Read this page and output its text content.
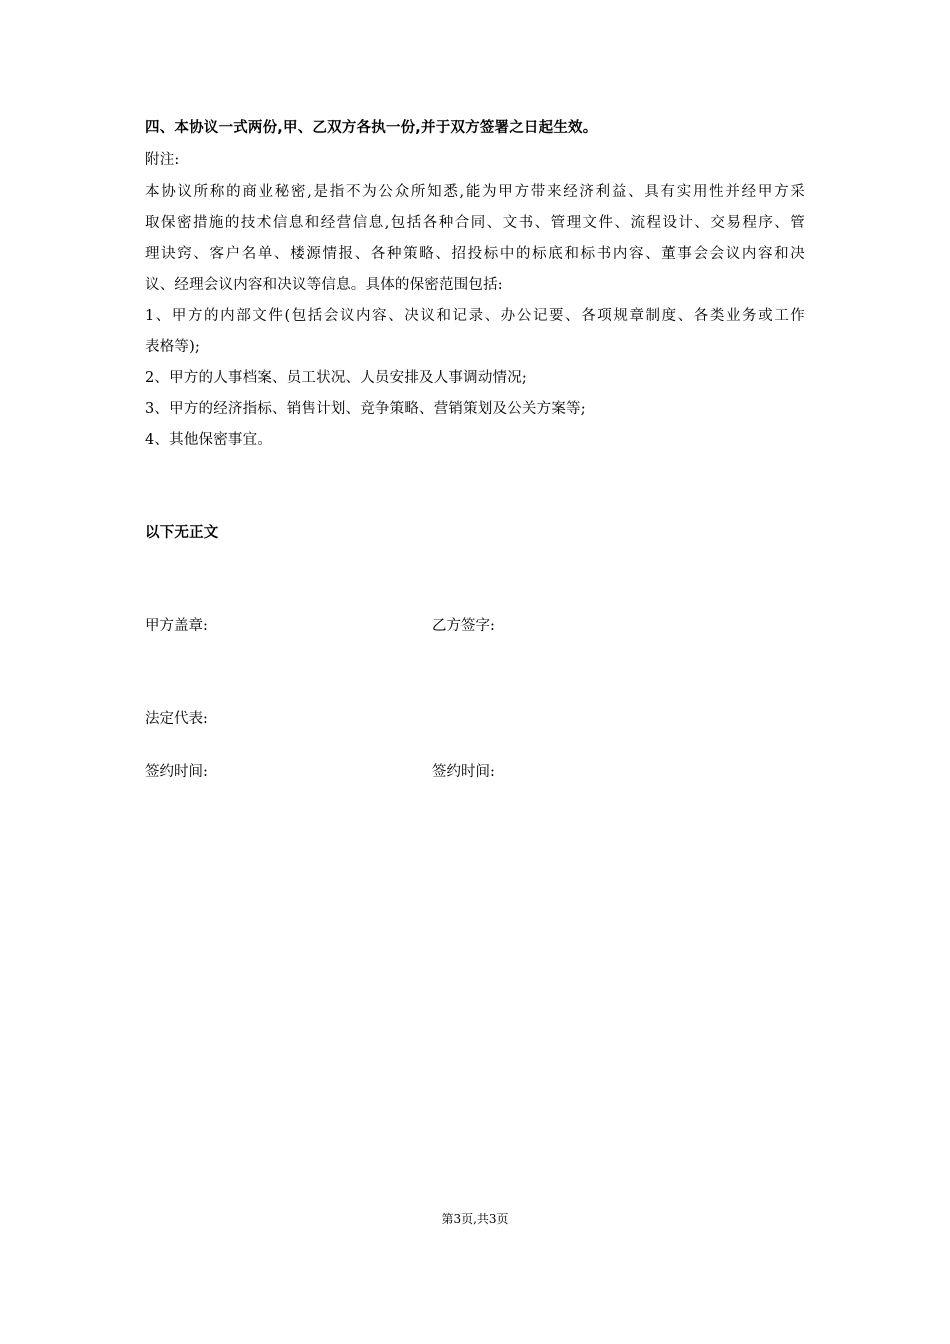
四、本协议一式两份,甲、乙双方各执一份,并于双方签署之日起生效。
附注:
本协议所称的商业秘密,是指不为公众所知悉,能为甲方带来经济利益、具有实用性并经甲方采
取保密措施的技术信息和经营信息,包括各种合同、文书、管理文件、流程设计、交易程序、管
理诀窍、客户名单、楼源情报、各种策略、招投标中的标底和标书内容、董事会会议内容和决
议、经理会议内容和决议等信息。具体的保密范围包括:
1、甲方的内部文件(包括会议内容、决议和记录、办公记要、各项规章制度、各类业务或工作
表格等);
2、甲方的人事档案、员工状况、人员安排及人事调动情况;
3、甲方的经济指标、销售计划、竞争策略、营销策划及公关方案等;
4、其他保密事宜。
以下无正文
甲方盖章:	乙方签字:
法定代表:
签约时间:	签约时间:
第3页,共3页
